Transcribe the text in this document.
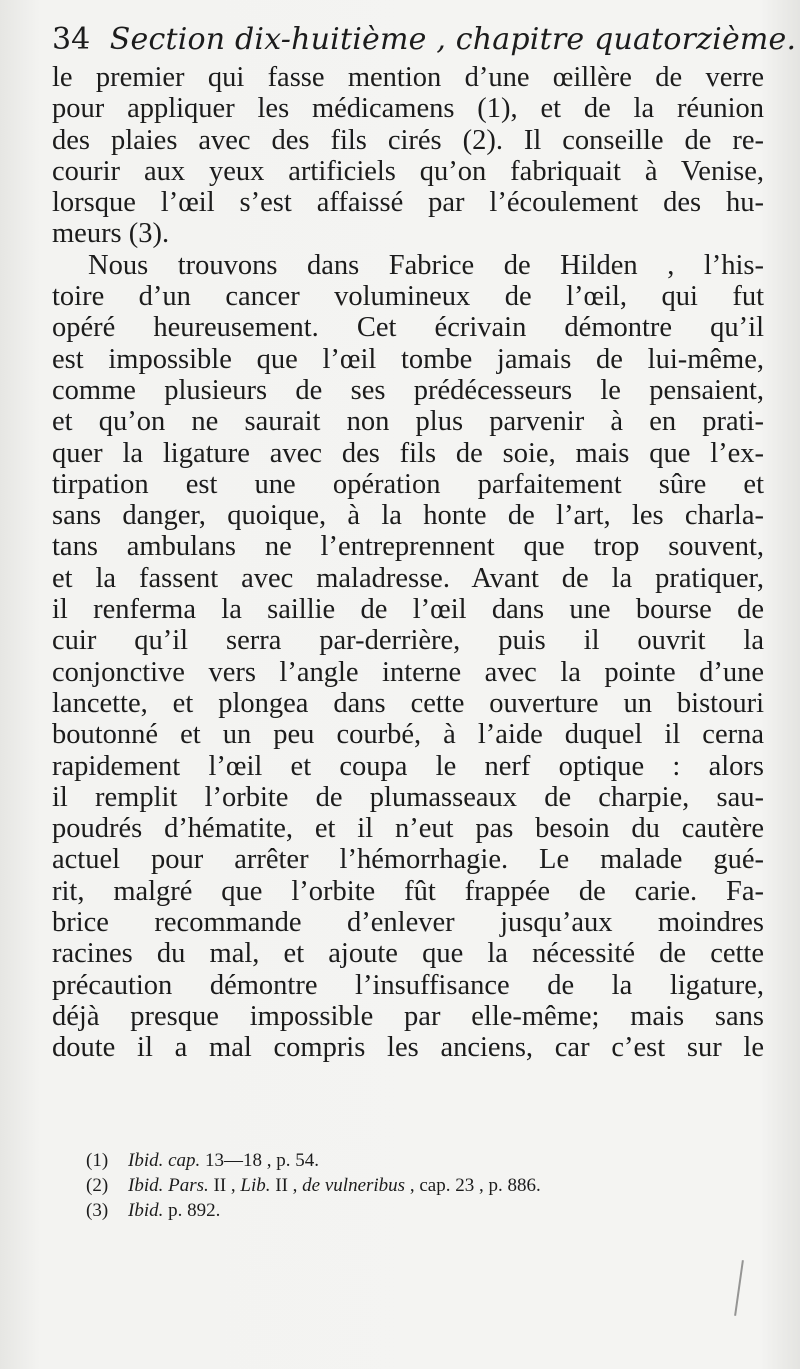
34 Section dix-huitième , chapitre quatorzième.
le premier qui fasse mention d’une œillère de verre
pour appliquer les médicamens (1), et de la réunion
des plaies avec des fils cirés (2). Il conseille de re-
courir aux yeux artificiels qu’on fabriquait à Venise,
lorsque l’œil s’est affaissé par l’écoulement des hu-
meurs (3).
Nous trouvons dans Fabrice de Hilden , l’his-
toire d’un cancer volumineux de l’œil, qui fut
opéré heureusement. Cet écrivain démontre qu’il
est impossible que l’œil tombe jamais de lui-même,
comme plusieurs de ses prédécesseurs le pensaient,
et qu’on ne saurait non plus parvenir à en prati-
quer la ligature avec des fils de soie, mais que l’ex-
tirpation est une opération parfaitement sûre et
sans danger, quoique, à la honte de l’art, les charla-
tans ambulans ne l’entreprennent que trop souvent,
et la fassent avec maladresse. Avant de la pratiquer,
il renferma la saillie de l’œil dans une bourse de
cuir qu’il serra par-derrière, puis il ouvrit la
conjonctive vers l’angle interne avec la pointe d’une
lancette, et plongea dans cette ouverture un bistouri
boutonné et un peu courbé, à l’aide duquel il cerna
rapidement l’œil et coupa le nerf optique : alors
il remplit l’orbite de plumasseaux de charpie, sau-
poudrés d’hématite, et il n’eut pas besoin du cautère
actuel pour arrêter l’hémorrhagie. Le malade gué-
rit, malgré que l’orbite fût frappée de carie. Fa-
brice recommande d’enlever jusqu’aux moindres
racines du mal, et ajoute que la nécessité de cette
précaution démontre l’insuffisance de la ligature,
déjà presque impossible par elle-même; mais sans
doute il a mal compris les anciens, car c’est sur le
(1) Ibid. cap. 13—18 , p. 54.
(2) Ibid. Pars. II , Lib. II , de vulneribus , cap. 23 , p. 886.
(3) Ibid. p. 892.
